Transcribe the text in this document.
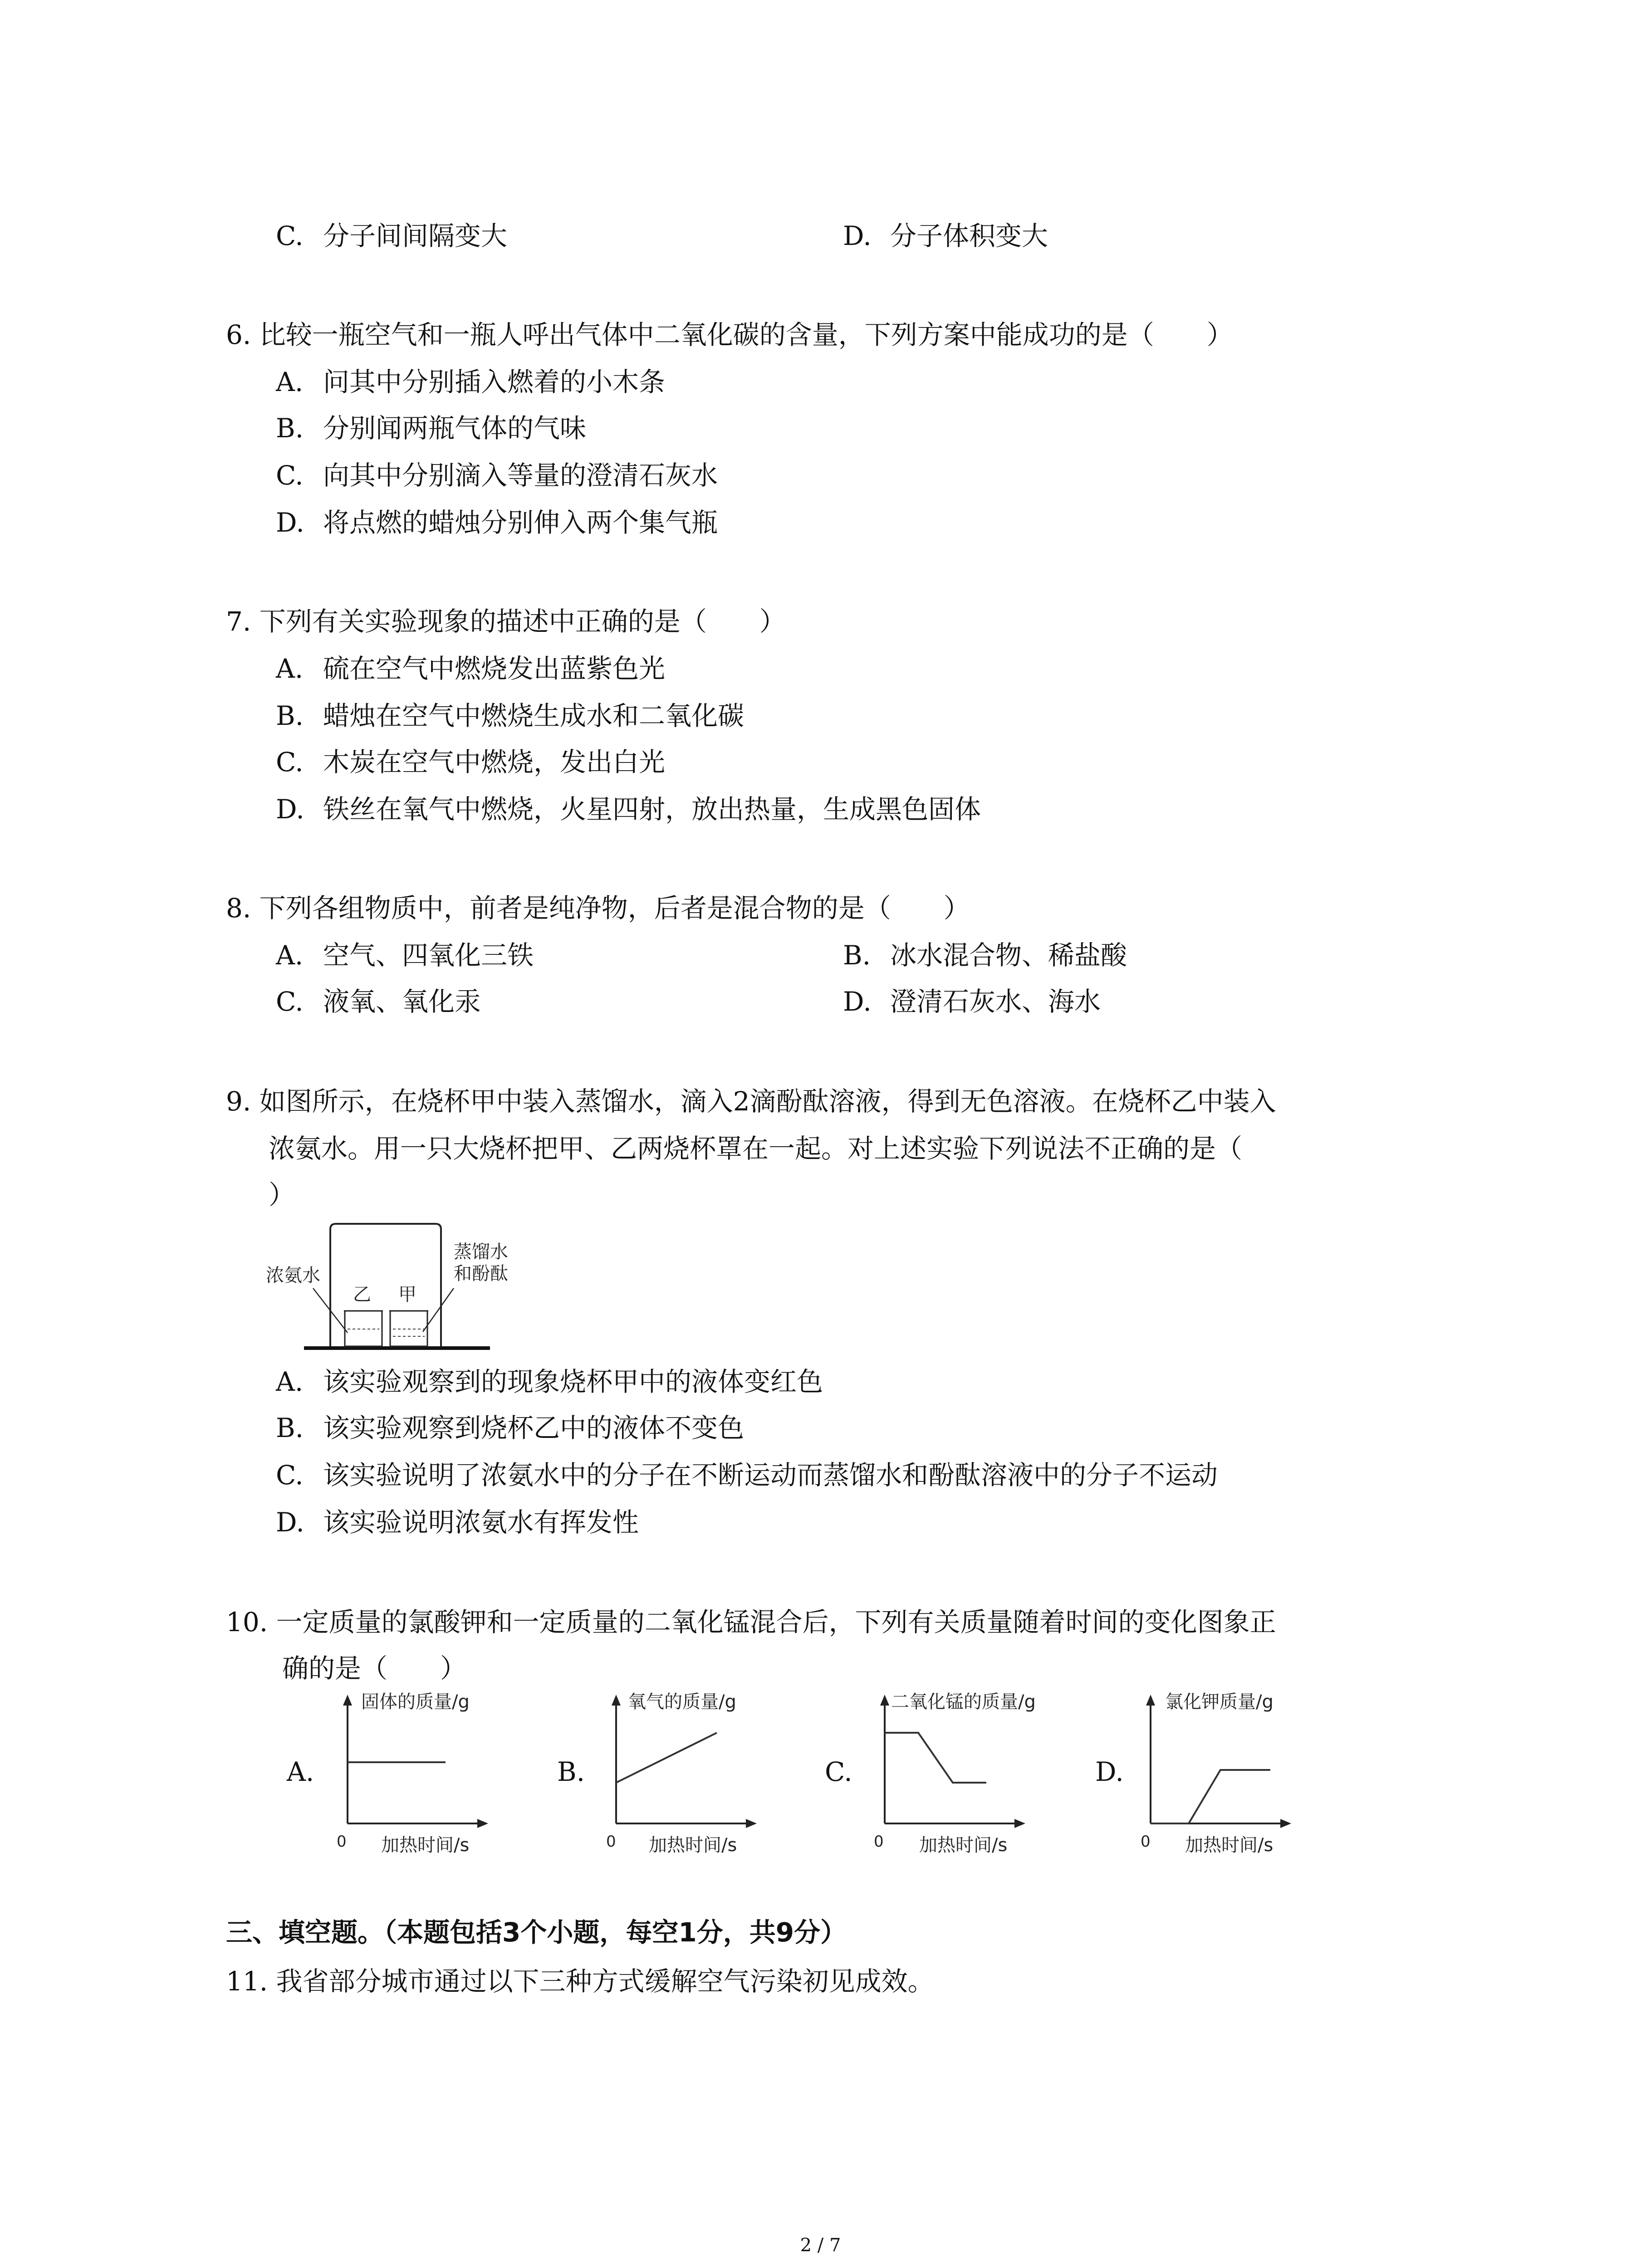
C. 分子间间隔变大	D. 分子体积变大
6. 比较一瓶空气和一瓶人呼出气体中二氧化碳的含量，下列方案中能成功的是（　　）
A. 问其中分别插入燃着的小木条
B. 分别闻两瓶气体的气味
C. 向其中分别滴入等量的澄清石灰水
D. 将点燃的蜡烛分别伸入两个集气瓶
7. 下列有关实验现象的描述中正确的是（　　）
A. 硫在空气中燃烧发出蓝紫色光
B. 蜡烛在空气中燃烧生成水和二氧化碳
C. 木炭在空气中燃烧，发出白光
D. 铁丝在氧气中燃烧，火星四射，放出热量，生成黑色固体
8. 下列各组物质中，前者是纯净物，后者是混合物的是（　　）
A. 空气、四氧化三铁	B. 冰水混合物、稀盐酸
C. 液氧、氧化汞	D. 澄清石灰水、海水
9. 如图所示，在烧杯甲中装入蒸馏水，滴入2滴酚酞溶液，得到无色溶液。在烧杯乙中装入
浓氨水。用一只大烧杯把甲、乙两烧杯罩在一起。对上述实验下列说法不正确的是（
）
浓氨水
乙 甲
蒸馏水
和酚酞
A. 该实验观察到的现象烧杯甲中的液体变红色
B. 该实验观察到烧杯乙中的液体不变色
C. 该实验说明了浓氨水中的分子在不断运动而蒸馏水和酚酞溶液中的分子不运动
D. 该实验说明浓氨水有挥发性
10. 一定质量的氯酸钾和一定质量的二氧化锰混合后，下列有关质量随着时间的变化图象正
确的是（　　）
A.
固体的质量/g
0 加热时间/s
B.
氧气的质量/g
0 加热时间/s
C.
二氧化锰的质量/g
0 加热时间/s
D.
氯化钾质量/g
0 加热时间/s
三、填空题。（本题包括3个小题，每空1分，共9分）
11. 我省部分城市通过以下三种方式缓解空气污染初见成效。
2 / 7
